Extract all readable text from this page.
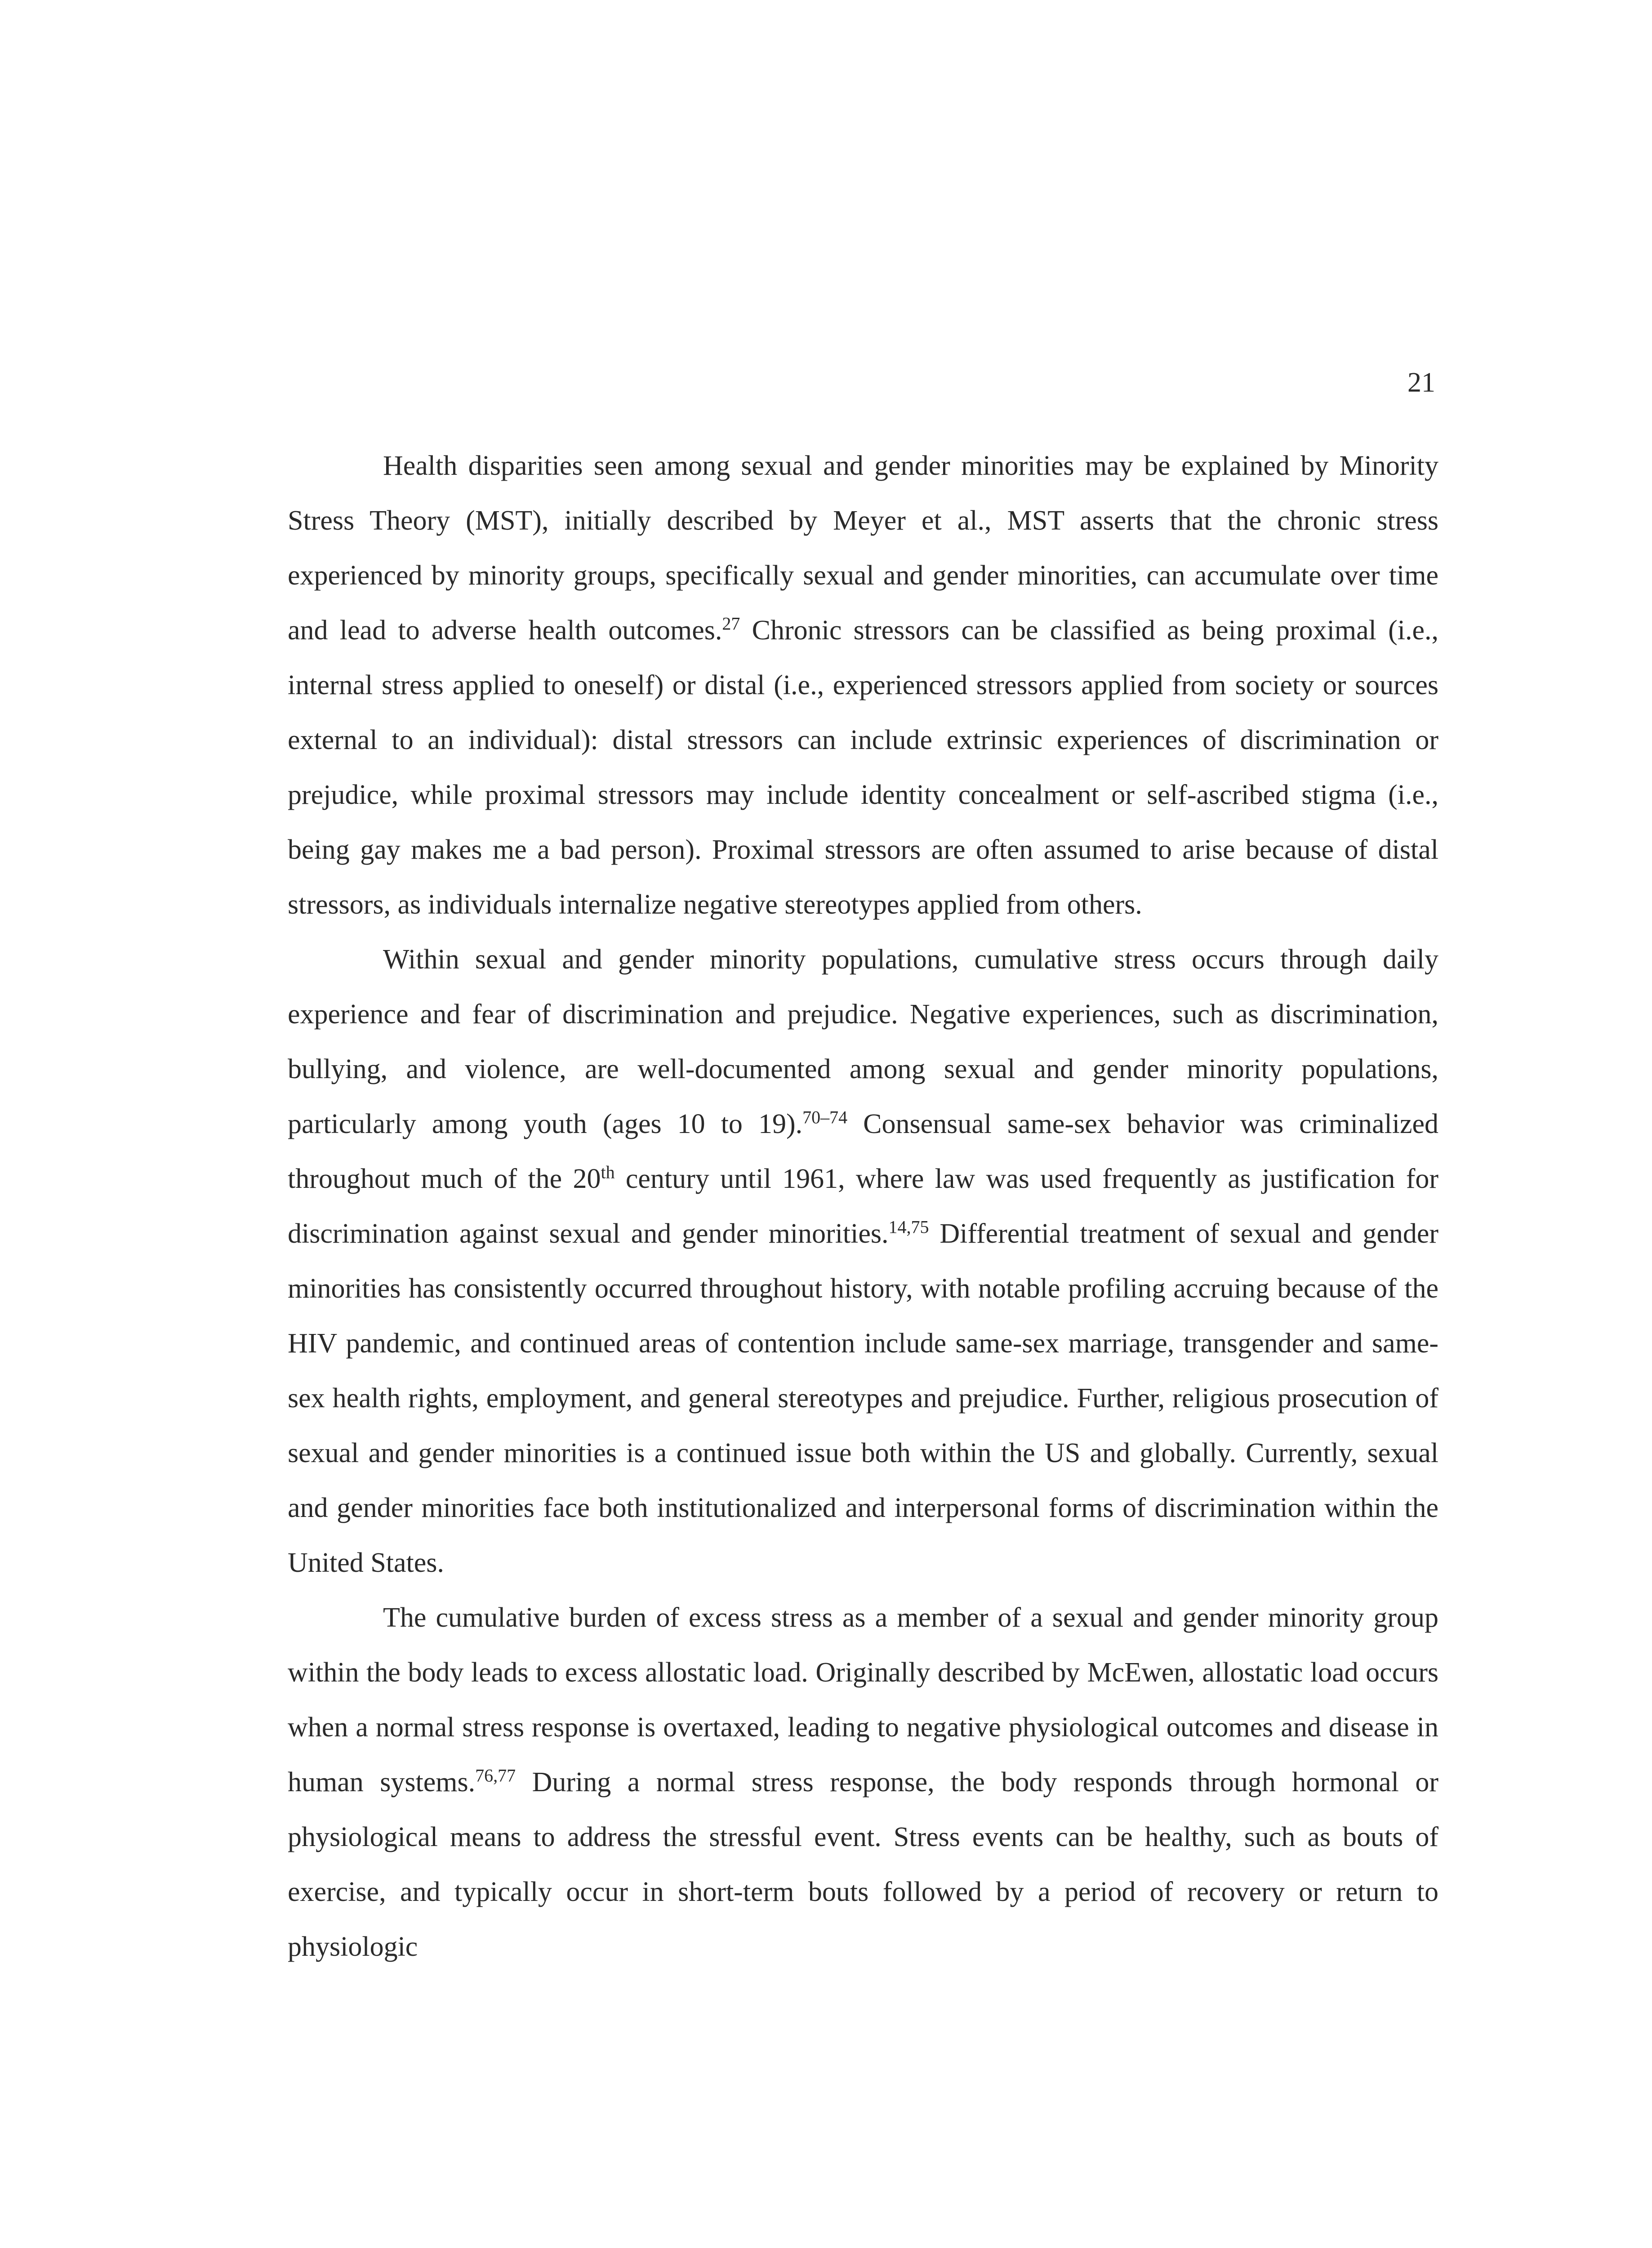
21

Health disparities seen among sexual and gender minorities may be explained by Minority Stress Theory (MST), initially described by Meyer et al., MST asserts that the chronic stress experienced by minority groups, specifically sexual and gender minorities, can accumulate over time and lead to adverse health outcomes.$^{27}$ Chronic stressors can be classified as being proximal (i.e., internal stress applied to oneself) or distal (i.e., experienced stressors applied from society or sources external to an individual): distal stressors can include extrinsic experiences of discrimination or prejudice, while proximal stressors may include identity concealment or self-ascribed stigma (i.e., being gay makes me a bad person). Proximal stressors are often assumed to arise because of distal stressors, as individuals internalize negative stereotypes applied from others.

Within sexual and gender minority populations, cumulative stress occurs through daily experience and fear of discrimination and prejudice. Negative experiences, such as discrimination, bullying, and violence, are well-documented among sexual and gender minority populations, particularly among youth (ages 10 to 19).$^{70-74}$ Consensual same-sex behavior was criminalized throughout much of the 20th century until 1961, where law was used frequently as justification for discrimination against sexual and gender minorities.$^{14,75}$ Differential treatment of sexual and gender minorities has consistently occurred throughout history, with notable profiling accruing because of the HIV pandemic, and continued areas of contention include same-sex marriage, transgender and same-sex health rights, employment, and general stereotypes and prejudice. Further, religious prosecution of sexual and gender minorities is a continued issue both within the US and globally. Currently, sexual and gender minorities face both institutionalized and interpersonal forms of discrimination within the United States.

The cumulative burden of excess stress as a member of a sexual and gender minority group within the body leads to excess allostatic load. Originally described by McEwen, allostatic load occurs when a normal stress response is overtaxed, leading to negative physiological outcomes and disease in human systems.$^{76,77}$ During a normal stress response, the body responds through hormonal or physiological means to address the stressful event. Stress events can be healthy, such as bouts of exercise, and typically occur in short-term bouts followed by a period of recovery or return to physiologic
